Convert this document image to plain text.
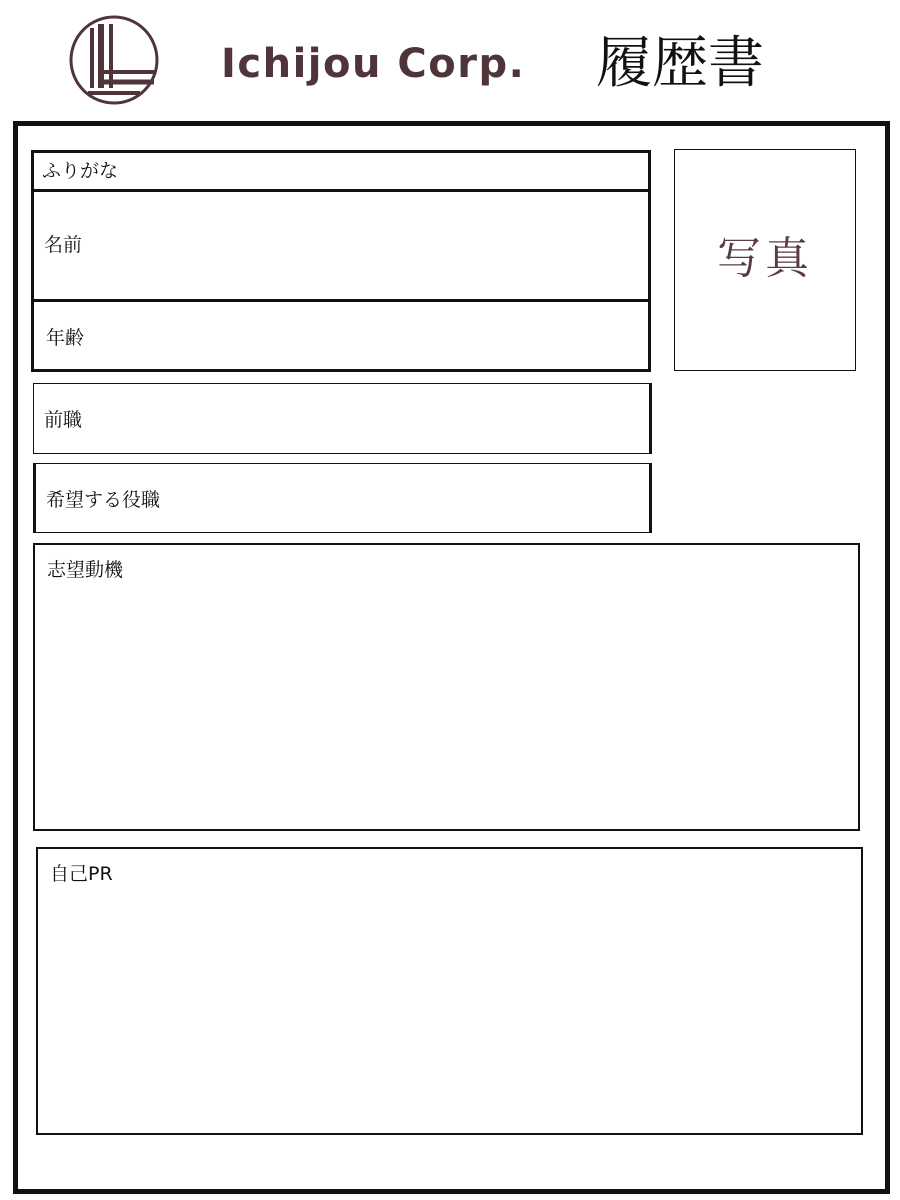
Ichijou Corp. 履歴書
ふりがな
名前
年齢
写真
前職
希望する役職
志望動機
自己PR
